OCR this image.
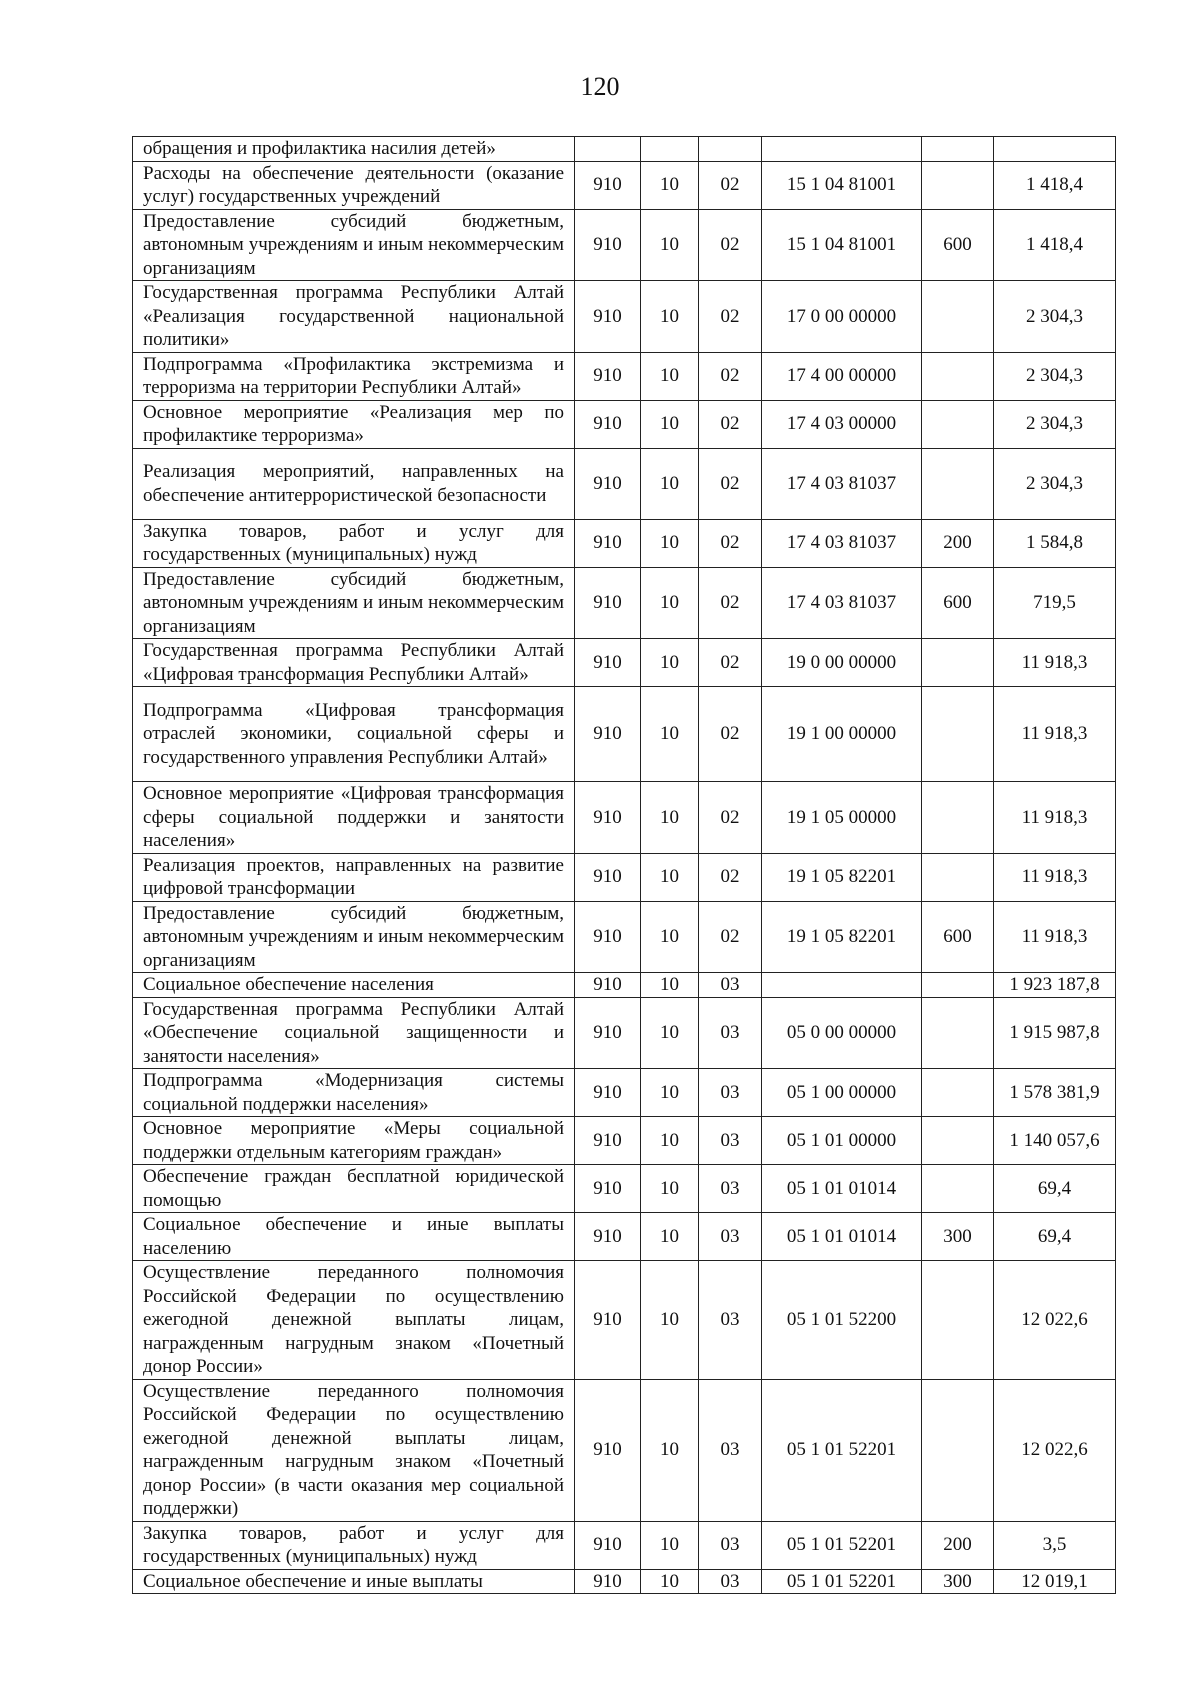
120
обращения и профилактика насилия детей»						
Расходы на обеспечение деятельности (оказание услуг) государственных учреждений	910	10	02	15 1 04 81001		1 418,4
Предоставление субсидий бюджетным, автономным учреждениям и иным некоммерческим организациям	910	10	02	15 1 04 81001	600	1 418,4
Государственная программа Республики Алтай «Реализация государственной национальной политики»	910	10	02	17 0 00 00000		2 304,3
Подпрограмма «Профилактика экстремизма и терроризма на территории Республики Алтай»	910	10	02	17 4 00 00000		2 304,3
Основное мероприятие «Реализация мер по профилактике терроризма»	910	10	02	17 4 03 00000		2 304,3
Реализация мероприятий, направленных на обеспечение антитеррористической безопасности	910	10	02	17 4 03 81037		2 304,3
Закупка товаров, работ и услуг для государственных (муниципальных) нужд	910	10	02	17 4 03 81037	200	1 584,8
Предоставление субсидий бюджетным, автономным учреждениям и иным некоммерческим организациям	910	10	02	17 4 03 81037	600	719,5
Государственная программа Республики Алтай «Цифровая трансформация Республики Алтай»	910	10	02	19 0 00 00000		11 918,3
Подпрограмма «Цифровая трансформация отраслей экономики, социальной сферы и государственного управления Республики Алтай»	910	10	02	19 1 00 00000		11 918,3
Основное мероприятие «Цифровая трансформация сферы социальной поддержки и занятости населения»	910	10	02	19 1 05 00000		11 918,3
Реализация проектов, направленных на развитие цифровой трансформации	910	10	02	19 1 05 82201		11 918,3
Предоставление субсидий бюджетным, автономным учреждениям и иным некоммерческим организациям	910	10	02	19 1 05 82201	600	11 918,3
Социальное обеспечение населения	910	10	03			1 923 187,8
Государственная программа Республики Алтай «Обеспечение социальной защищенности и занятости населения»	910	10	03	05 0 00 00000		1 915 987,8
Подпрограмма «Модернизация системы социальной поддержки населения»	910	10	03	05 1 00 00000		1 578 381,9
Основное мероприятие «Меры социальной поддержки отдельным категориям граждан»	910	10	03	05 1 01 00000		1 140 057,6
Обеспечение граждан бесплатной юридической помощью	910	10	03	05 1 01 01014		69,4
Социальное обеспечение и иные выплаты населению	910	10	03	05 1 01 01014	300	69,4
Осуществление переданного полномочия Российской Федерации по осуществлению ежегодной денежной выплаты лицам, награжденным нагрудным знаком «Почетный донор России»	910	10	03	05 1 01 52200		12 022,6
Осуществление переданного полномочия Российской Федерации по осуществлению ежегодной денежной выплаты лицам, награжденным нагрудным знаком «Почетный донор России» (в части оказания мер социальной поддержки)	910	10	03	05 1 01 52201		12 022,6
Закупка товаров, работ и услуг для государственных (муниципальных) нужд	910	10	03	05 1 01 52201	200	3,5
Социальное обеспечение и иные выплаты	910	10	03	05 1 01 52201	300	12 019,1
